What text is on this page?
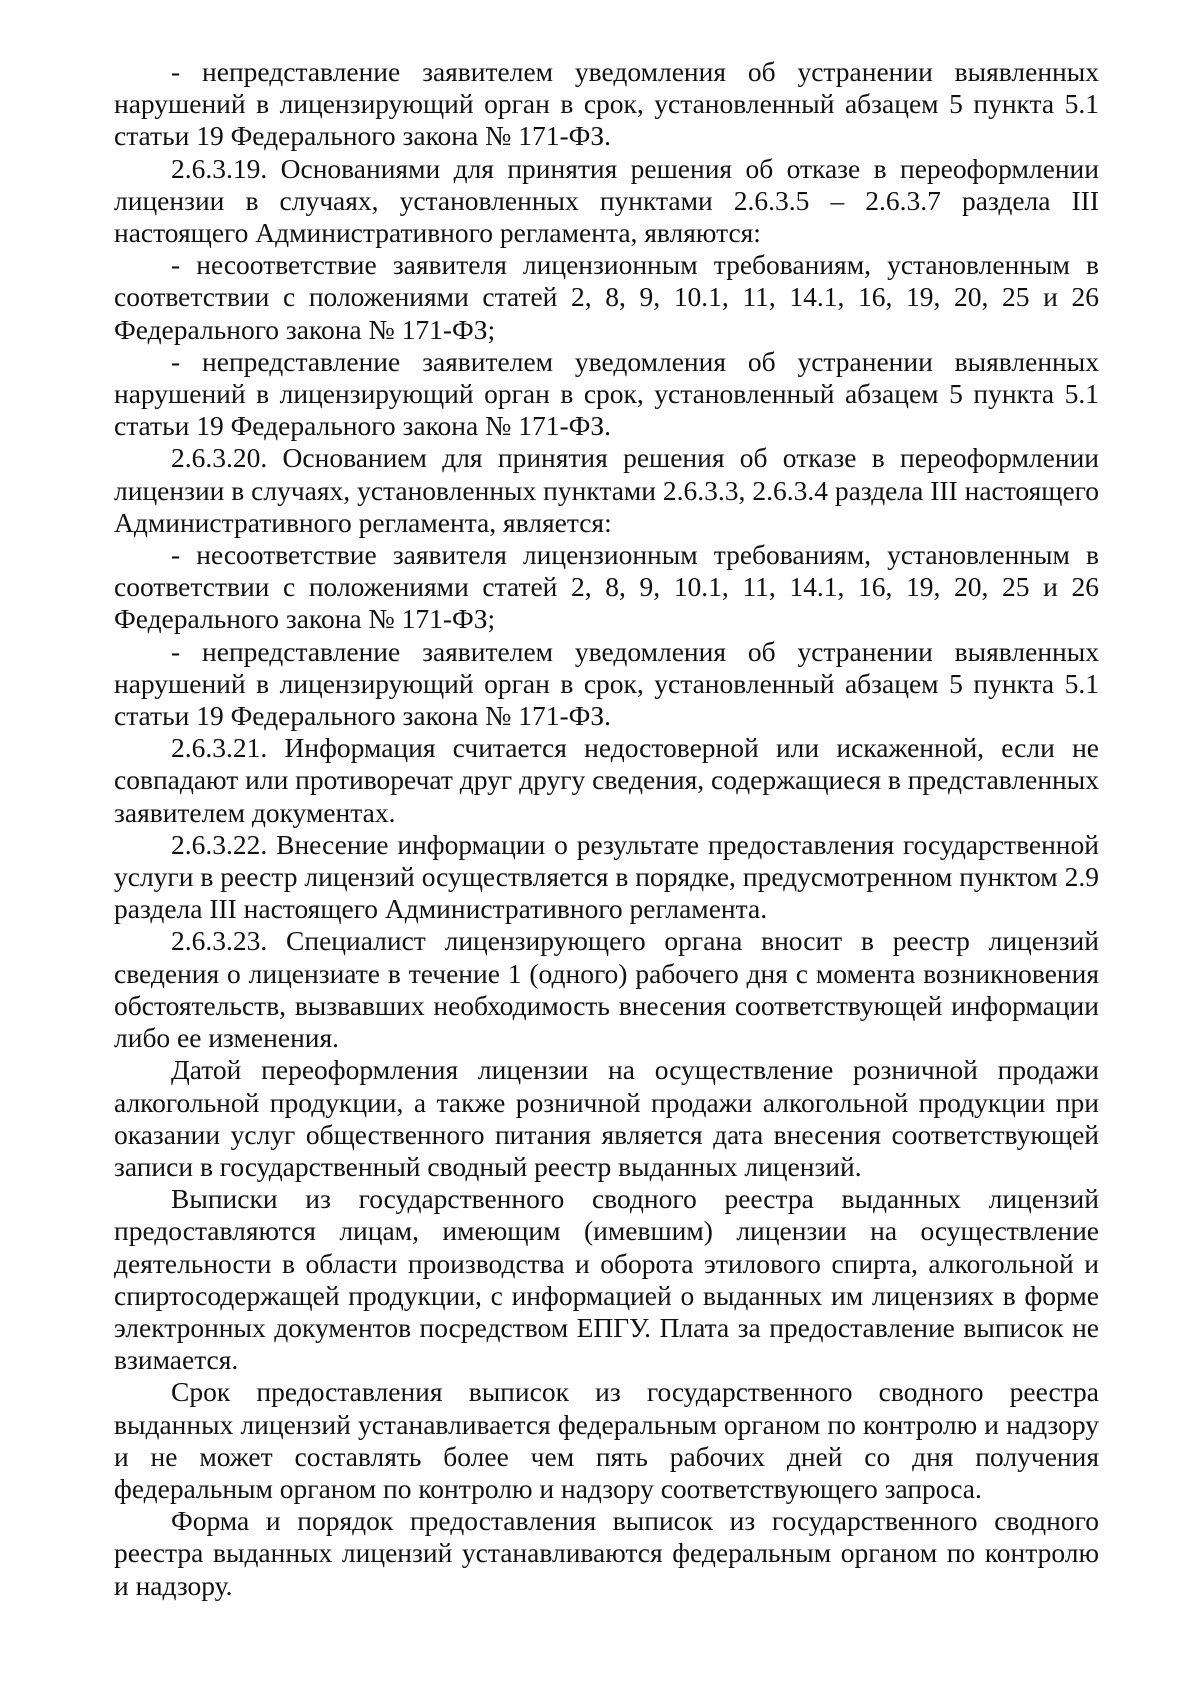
- непредставление заявителем уведомления об устранении выявленных нарушений в лицензирующий орган в срок, установленный абзацем 5 пункта 5.1 статьи 19 Федерального закона № 171-ФЗ.

2.6.3.19. Основаниями для принятия решения об отказе в переоформлении лицензии в случаях, установленных пунктами 2.6.3.5 – 2.6.3.7 раздела III настоящего Административного регламента, являются:

- несоответствие заявителя лицензионным требованиям, установленным в соответствии с положениями статей 2, 8, 9, 10.1, 11, 14.1, 16, 19, 20, 25 и 26 Федерального закона № 171-ФЗ;

- непредставление заявителем уведомления об устранении выявленных нарушений в лицензирующий орган в срок, установленный абзацем 5 пункта 5.1 статьи 19 Федерального закона № 171-ФЗ.

2.6.3.20. Основанием для принятия решения об отказе в переоформлении лицензии в случаях, установленных пунктами 2.6.3.3, 2.6.3.4 раздела III настоящего Административного регламента, является:

- несоответствие заявителя лицензионным требованиям, установленным в соответствии с положениями статей 2, 8, 9, 10.1, 11, 14.1, 16, 19, 20, 25 и 26 Федерального закона № 171-ФЗ;

- непредставление заявителем уведомления об устранении выявленных нарушений в лицензирующий орган в срок, установленный абзацем 5 пункта 5.1 статьи 19 Федерального закона № 171-ФЗ.

2.6.3.21. Информация считается недостоверной или искаженной, если не совпадают или противоречат друг другу сведения, содержащиеся в представленных заявителем документах.

2.6.3.22. Внесение информации о результате предоставления государственной услуги в реестр лицензий осуществляется в порядке, предусмотренном пунктом 2.9 раздела III настоящего Административного регламента.

2.6.3.23. Специалист лицензирующего органа вносит в реестр лицензий сведения о лицензиате в течение 1 (одного) рабочего дня с момента возникновения обстоятельств, вызвавших необходимость внесения соответствующей информации либо ее изменения.

Датой переоформления лицензии на осуществление розничной продажи алкогольной продукции, а также розничной продажи алкогольной продукции при оказании услуг общественного питания является дата внесения соответствующей записи в государственный сводный реестр выданных лицензий.

Выписки из государственного сводного реестра выданных лицензий предоставляются лицам, имеющим (имевшим) лицензии на осуществление деятельности в области производства и оборота этилового спирта, алкогольной и спиртосодержащей продукции, с информацией о выданных им лицензиях в форме электронных документов посредством ЕПГУ. Плата за предоставление выписок не взимается.

Срок предоставления выписок из государственного сводного реестра выданных лицензий устанавливается федеральным органом по контролю и надзору и не может составлять более чем пять рабочих дней со дня получения федеральным органом по контролю и надзору соответствующего запроса.

Форма и порядок предоставления выписок из государственного сводного реестра выданных лицензий устанавливаются федеральным органом по контролю и надзору.
